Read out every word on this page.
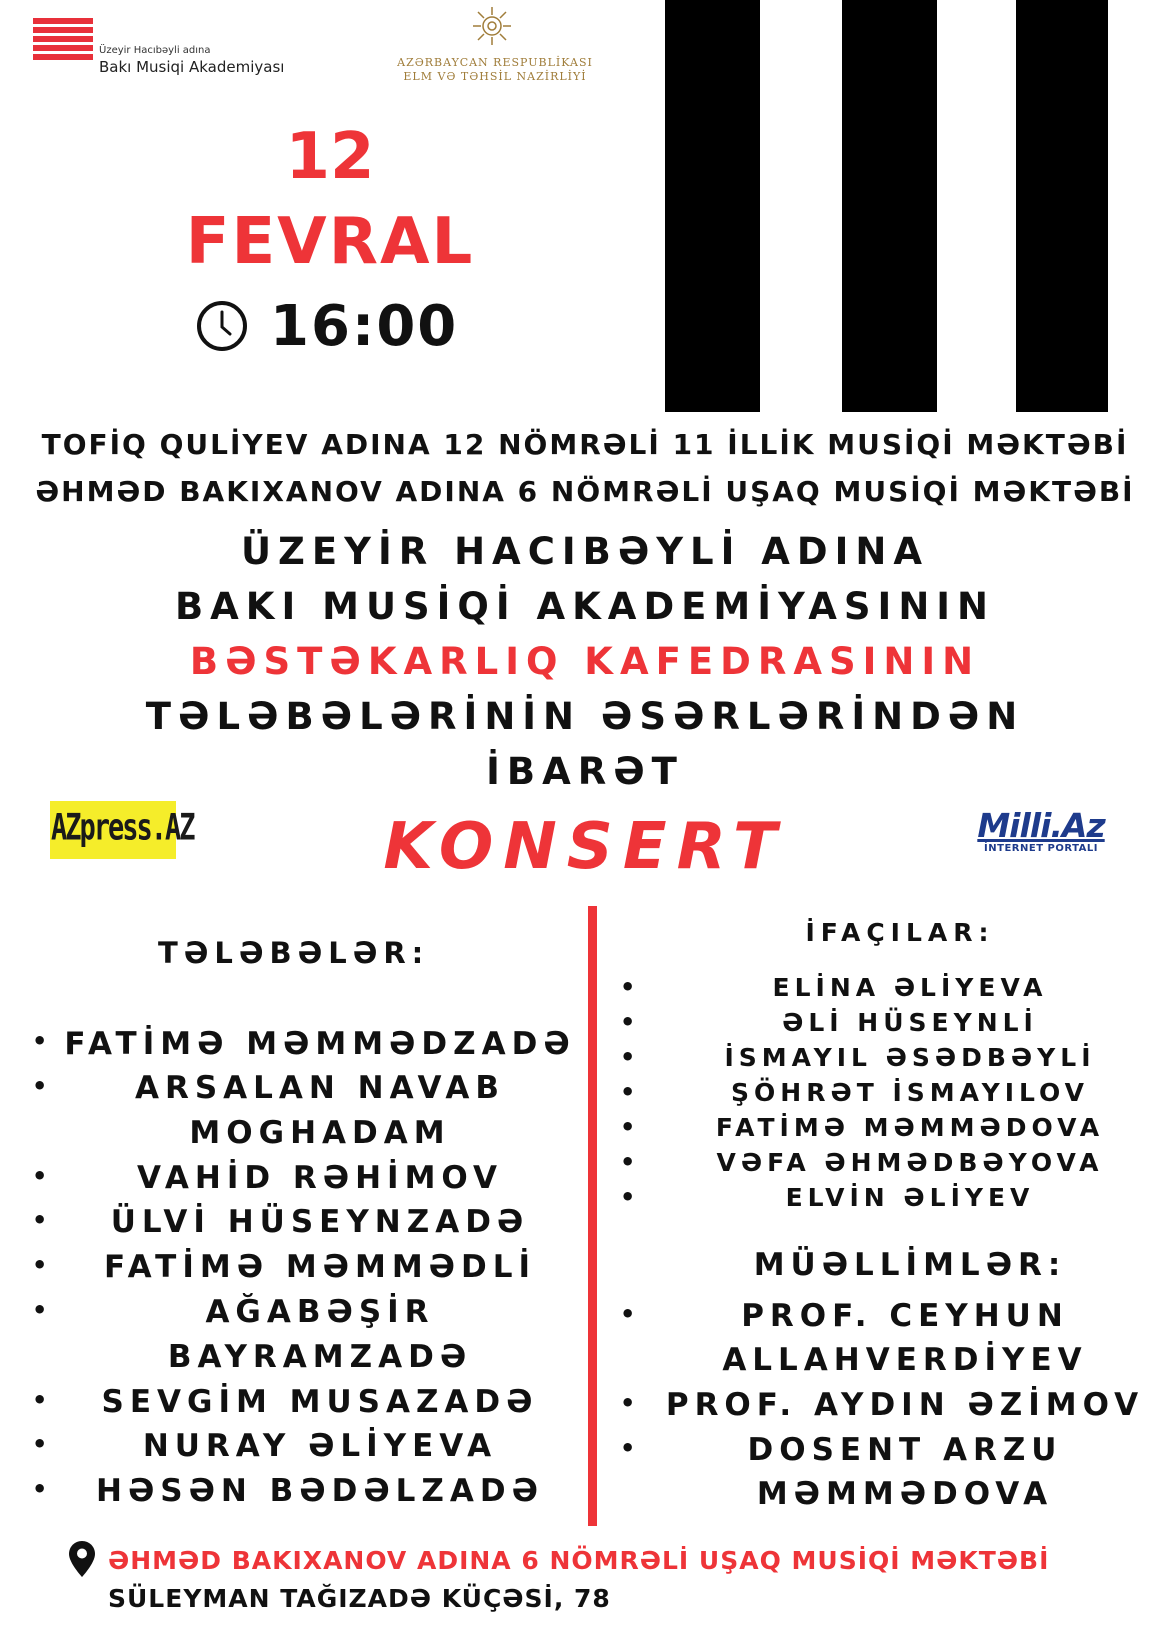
Üzeyir Hacıbəyli adına
Bakı Musiqi Akademiyası	AZƏRBAYCAN RESPUBLİKASI
ELM VƏ TƏHSİL NAZİRLİYİ
12
FEVRAL
16:00
TOFİQ QULİYEV ADINA 12 NÖMRƏLİ 11 İLLİK MUSİQİ MƏKTƏBİ
ƏHMƏD BAKIXANOV ADINA 6 NÖMRƏLİ UŞAQ MUSİQİ MƏKTƏBİ
ÜZEYİR HACIBƏYLİ ADINA
BAKI MUSİQİ AKADEMİYASININ
BƏSTƏKARLIQ KAFEDRASININ
TƏLƏBƏLƏRİNİN ƏSƏRLƏRİNDƏN
İBARƏT
AZpress.AZ	KONSERT	Milli.Az
İNTERNET PORTALI
TƏLƏBƏLƏR:
• FATİMƏ MƏMMƏDZADƏ
•	ARSALAN NAVAB
MOGHADAM
•	VAHİD RƏHİMOV
•	ÜLVİ HÜSEYNZADƏ
•	FATİMƏ MƏMMƏDLİ
•	AĞABƏŞİR
BAYRAMZADƏ
•	SEVGİM MUSAZADƏ
•	NURAY ƏLİYEVA
•	HƏSƏN BƏDƏLZADƏ
İFAÇILAR:
•	ELİNA ƏLİYEVA
•	ƏLİ HÜSEYNLİ
•	İSMAYIL ƏSƏDBƏYLİ
•	ŞÖHRƏT İSMAYILOV
•	FATİMƏ MƏMMƏDOVA
•	VƏFA ƏHMƏDBƏYOVA
•	ELVİN ƏLİYEV
MÜƏLLİMLƏR:
•	PROF. CEYHUN
ALLAHVERDİYEV
• PROF. AYDIN ƏZİMOV
•	DOSENT ARZU
MƏMMƏDOVA
ƏHMƏD BAKIXANOV ADINA 6 NÖMRƏLİ UŞAQ MUSİQİ MƏKTƏBİ
SÜLEYMAN TAĞIZADƏ KÜÇƏSİ, 78
